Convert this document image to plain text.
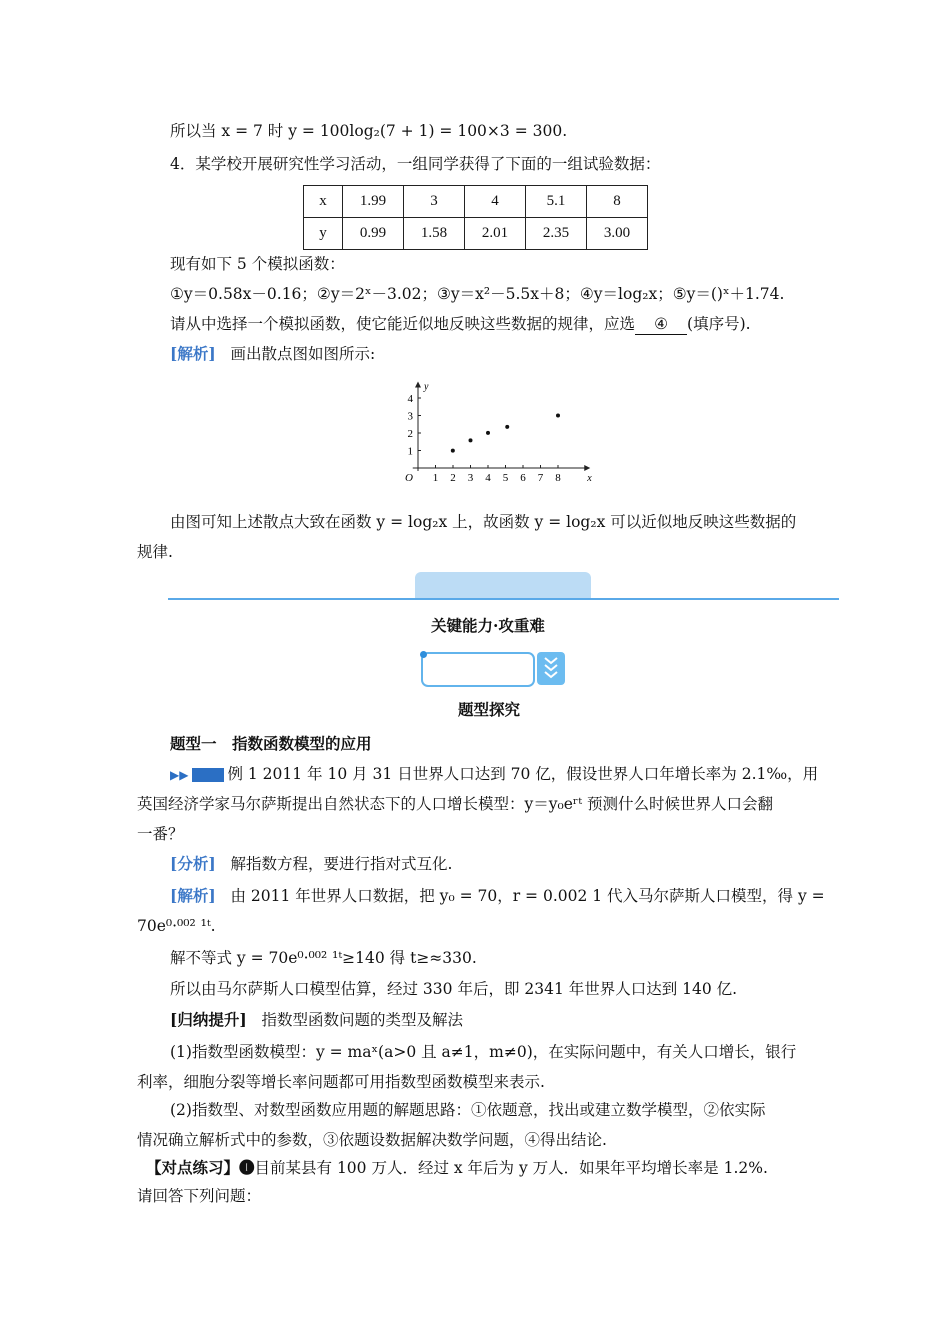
所以当 x = 7 时 y = 100log₂(7 + 1) = 100×3 = 300.
4．某学校开展研究性学习活动，一组同学获得了下面的一组试验数据：
x	1.99	3	4	5.1	8
y	0.99	1.58	2.01	2.35	3.00
现有如下 5 个模拟函数：
①y＝0.58x－0.16；②y＝2ˣ－3.02；③y＝x²－5.5x＋8；④y＝log₂x；⑤y＝()ˣ＋1.74.
请从中选择一个模拟函数，使它能近似地反映这些数据的规律，应选 ④ (填序号).
[解析] 画出散点图如图所示:
1 2 3 4 5 6 7 8
1
2
3
4
O	x
y
由图可知上述散点大致在函数 y = log₂x 上，故函数 y = log₂x 可以近似地反映这些数据的
规律.
关键能力·攻重难
题型探究
题型一　指数函数模型的应用
▶▶	例 1 2011 年 10 月 31 日世界人口达到 70 亿，假设世界人口年增长率为 2.1‰，用
英国经济学家马尔萨斯提出自然状态下的人口增长模型：y＝y₀eʳᵗ 预测什么时候世界人口会翻
一番？
[分析] 解指数方程，要进行指对式互化.
[解析] 由 2011 年世界人口数据，把 y₀ = 70，r = 0.002 1 代入马尔萨斯人口模型，得 y =
70e⁰·⁰⁰² ¹ᵗ.
解不等式 y = 70e⁰·⁰⁰² ¹ᵗ≥140 得 t≥≈330.
所以由马尔萨斯人口模型估算，经过 330 年后，即 2341 年世界人口达到 140 亿.
[归纳提升] 指数型函数问题的类型及解法
(1)指数型函数模型：y = maˣ(a>0 且 a≠1，m≠0)，在实际问题中，有关人口增长，银行
利率，细胞分裂等增长率问题都可用指数型函数模型来表示.
(2)指数型、对数型函数应用题的解题思路：①依题意，找出或建立数学模型，②依实际
情况确立解析式中的参数，③依题设数据解决数学问题，④得出结论.
【对点练习】❶目前某县有 100 万人．经过 x 年后为 y 万人．如果年平均增长率是 1.2%.
请回答下列问题：
